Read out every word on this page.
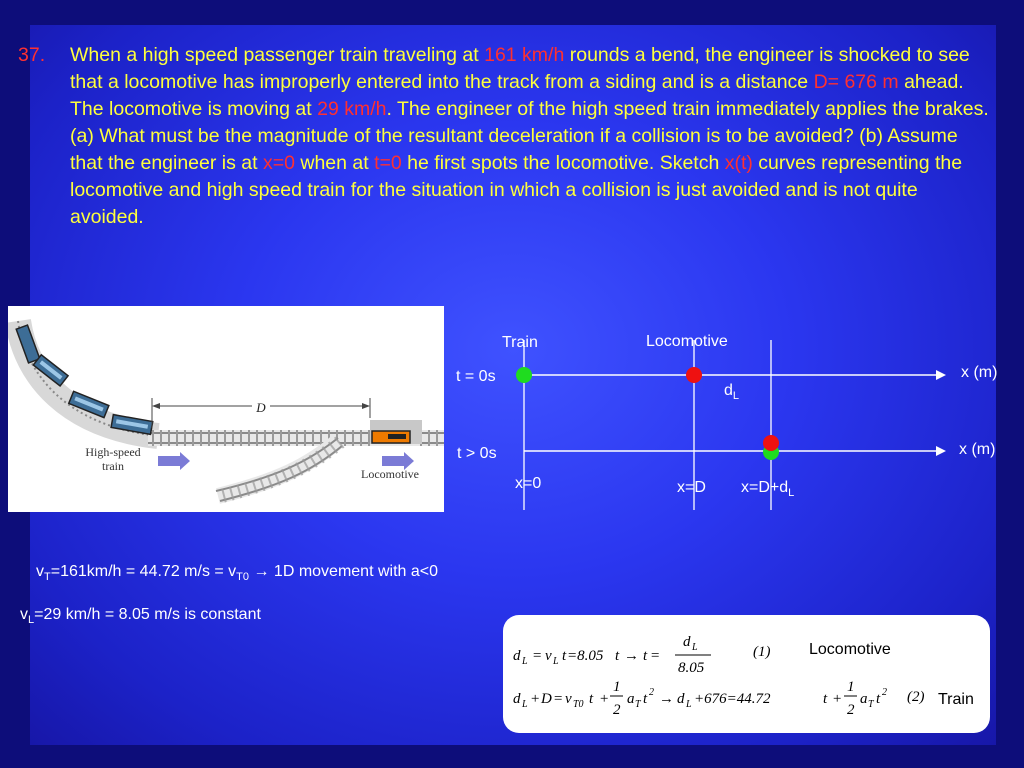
37. When a high speed passenger train traveling at 161 km/h rounds a bend, the engineer is shocked to see that a locomotive has improperly entered into the track from a siding and is a distance D= 676 m ahead. The locomotive is moving at 29 km/h. The engineer of the high speed train immediately applies the brakes. (a) What must be the magnitude of the resultant deceleration if a collision is to be avoided? (b) Assume that the engineer is at x=0 when at t=0 he first spots the locomotive. Sketch x(t) curves representing the locomotive and high speed train for the situation in which a collision is just avoided and is not quite avoided.
D
High-speed
train
Locomotive
Train	Locomotive
t = 0s
t > 0s
x (m)
x (m)
$d_L$
x=0	x=D $x=D+d_L$
$v_T=161km/h = 44.72$ $m/s = v_{T0} \to 1D$ movement with a<0
$v_L=29$ km/h = 8.05 m/s is constant
d L = v L t =8.05 t → t =
d L
8.05
(1)
d L + D = v T0 t +
1
2
a T t 2 → d L +676=44.72	t +
1
2
a T t 2 (2)
Locomotive
Train
